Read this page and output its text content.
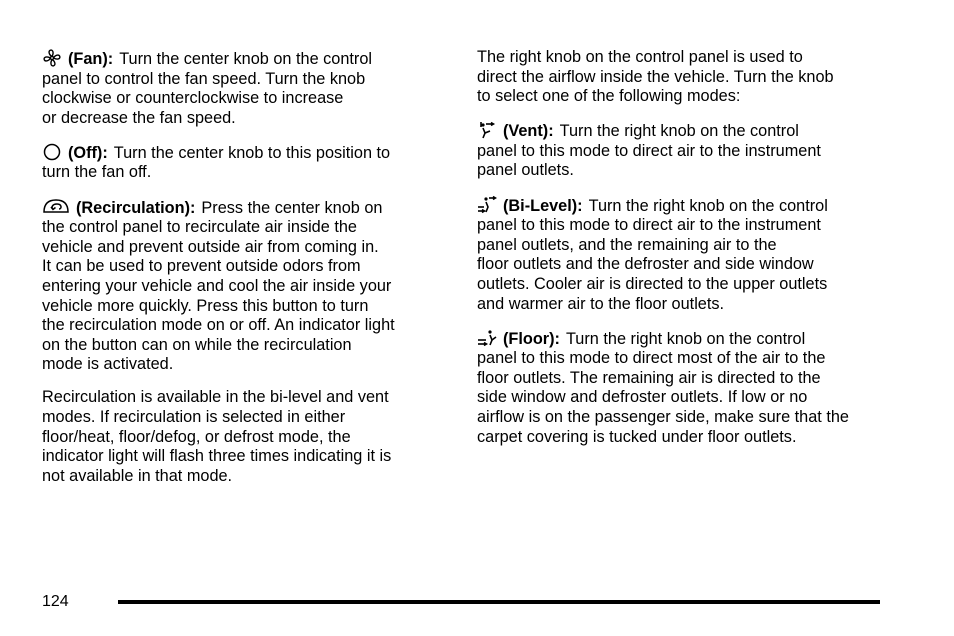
(Fan): Turn the center knob on the control
panel to control the fan speed. Turn the knob
clockwise or counterclockwise to increase
or decrease the fan speed.

(Off): Turn the center knob to this position to
turn the fan off.

(Recirculation): Press the center knob on
the control panel to recirculate air inside the
vehicle and prevent outside air from coming in.
It can be used to prevent outside odors from
entering your vehicle and cool the air inside your
vehicle more quickly. Press this button to turn
the recirculation mode on or off. An indicator light
on the button can on while the recirculation
mode is activated.

Recirculation is available in the bi-level and vent
modes. If recirculation is selected in either
floor/heat, floor/defog, or defrost mode, the
indicator light will flash three times indicating it is
not available in that mode.

The right knob on the control panel is used to
direct the airflow inside the vehicle. Turn the knob
to select one of the following modes:

(Vent): Turn the right knob on the control
panel to this mode to direct air to the instrument
panel outlets.

(Bi-Level): Turn the right knob on the control
panel to this mode to direct air to the instrument
panel outlets, and the remaining air to the
floor outlets and the defroster and side window
outlets. Cooler air is directed to the upper outlets
and warmer air to the floor outlets.

(Floor): Turn the right knob on the control
panel to this mode to direct most of the air to the
floor outlets. The remaining air is directed to the
side window and defroster outlets. If low or no
airflow is on the passenger side, make sure that the
carpet covering is tucked under floor outlets.

124
